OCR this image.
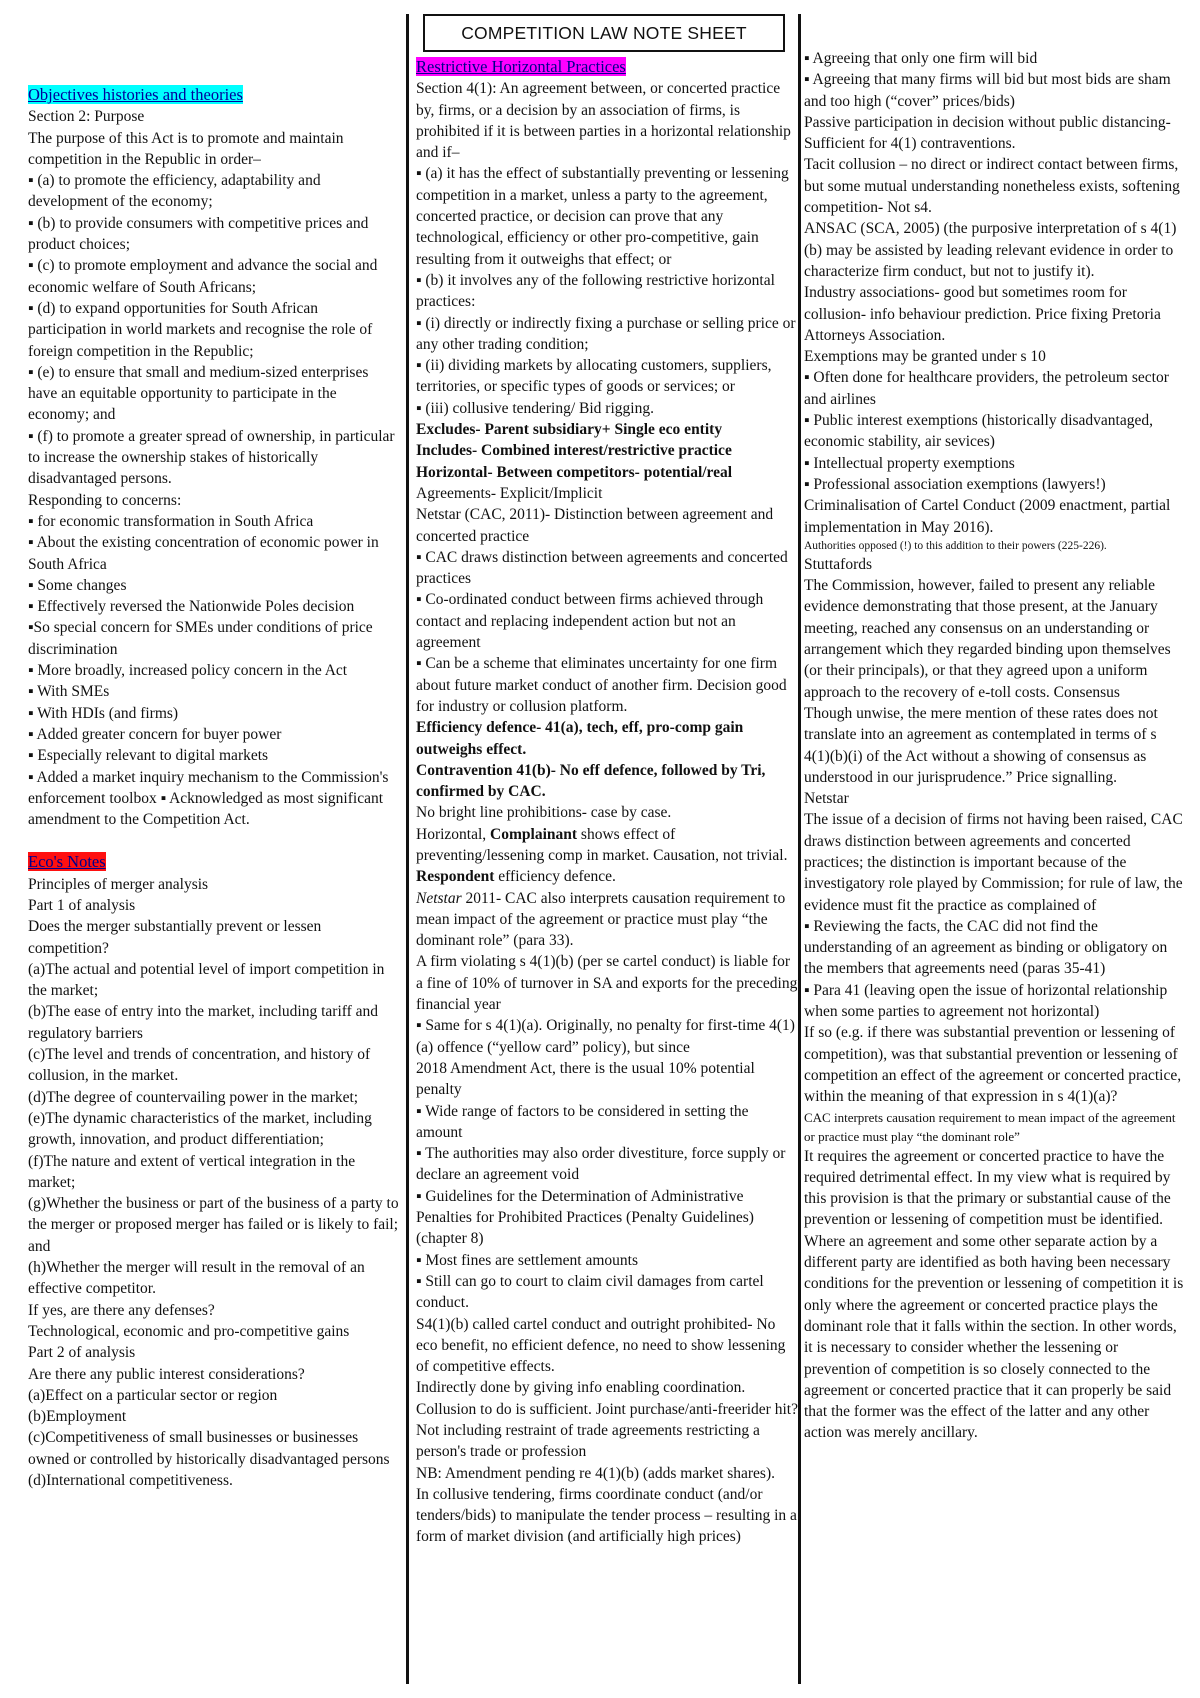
COMPETITION LAW NOTE SHEET

Objectives histories and theories

Section 2: Purpose

The purpose of this Act is to promote and maintain competition in the Republic in order–

▪ (a) to promote the efficiency, adaptability and development of the economy;

▪ (b) to provide consumers with competitive prices and product choices;

▪ (c) to promote employment and advance the social and economic welfare of South Africans;

▪ (d) to expand opportunities for South African participation in world markets and recognise the role of foreign competition in the Republic;

▪ (e) to ensure that small and medium-sized enterprises have an equitable opportunity to participate in the economy; and

▪ (f) to promote a greater spread of ownership, in particular to increase the ownership stakes of historically disadvantaged persons.

Responding to concerns:

▪ for economic transformation in South Africa

▪ About the existing concentration of economic power in South Africa

▪ Some changes

▪ Effectively reversed the Nationwide Poles decision

▪So special concern for SMEs under conditions of price discrimination

▪ More broadly, increased policy concern in the Act

▪ With SMEs

▪ With HDIs (and firms)

▪ Added greater concern for buyer power

▪ Especially relevant to digital markets

▪ Added a market inquiry mechanism to the Commission's enforcement toolbox ▪ Acknowledged as most significant amendment to the Competition Act.

Eco's Notes

Principles of merger analysis

Part 1 of analysis

Does the merger substantially prevent or lessen competition?

(a)The actual and potential level of import competition in the market;

(b)The ease of entry into the market, including tariff and regulatory barriers

(c)The level and trends of concentration, and history of collusion, in the market.

(d)The degree of countervailing power in the market;

(e)The dynamic characteristics of the market, including growth, innovation, and product differentiation;

(f)The nature and extent of vertical integration in the market;

(g)Whether the business or part of the business of a party to the merger or proposed merger has failed or is likely to fail; and

(h)Whether the merger will result in the removal of an effective competitor.

If yes, are there any defenses?

Technological, economic and pro-competitive gains

Part 2 of analysis

Are there any public interest considerations?

(a)Effect on a particular sector or region

(b)Employment

(c)Competitiveness of small businesses or businesses owned or controlled by historically disadvantaged persons

(d)International competitiveness.

Restrictive Horizontal Practices

Section 4(1): An agreement between, or concerted practice by, firms, or a decision by an association of firms, is prohibited if it is between parties in a horizontal relationship and if–

▪ (a) it has the effect of substantially preventing or lessening competition in a market, unless a party to the agreement, concerted practice, or decision can prove that any technological, efficiency or other pro-competitive, gain resulting from it outweighs that effect; or

▪ (b) it involves any of the following restrictive horizontal practices:

▪ (i) directly or indirectly fixing a purchase or selling price or any other trading condition;

▪ (ii) dividing markets by allocating customers, suppliers, territories, or specific types of goods or services; or

▪ (iii) collusive tendering/ Bid rigging.

Excludes- Parent subsidiary+ Single eco entity

Includes- Combined interest/restrictive practice

Horizontal- Between competitors- potential/real

Agreements- Explicit/Implicit

Netstar (CAC, 2011)- Distinction between agreement and concerted practice

▪ CAC draws distinction between agreements and concerted practices

▪ Co-ordinated conduct between firms achieved through contact and replacing independent action but not an agreement

▪ Can be a scheme that eliminates uncertainty for one firm about future market conduct of another firm. Decision good for industry or collusion platform.

Efficiency defence- 41(a), tech, eff, pro-comp gain outweighs effect.

Contravention 41(b)- No eff defence, followed by Tri, confirmed by CAC.

No bright line prohibitions- case by case.

Horizontal, Complainant shows effect of preventing/lessening comp in market. Causation, not trivial. Respondent efficiency defence.

Netstar 2011- CAC also interprets causation requirement to mean impact of the agreement or practice must play “the dominant role” (para 33).

A firm violating s 4(1)(b) (per se cartel conduct) is liable for a fine of 10% of turnover in SA and exports for the preceding financial year

▪ Same for s 4(1)(a). Originally, no penalty for first-time 4(1)(a) offence (“yellow card” policy), but since

2018 Amendment Act, there is the usual 10% potential penalty

▪ Wide range of factors to be considered in setting the amount

▪ The authorities may also order divestiture, force supply or declare an agreement void

▪ Guidelines for the Determination of Administrative Penalties for Prohibited Practices (Penalty Guidelines) (chapter 8)

▪ Most fines are settlement amounts

▪ Still can go to court to claim civil damages from cartel conduct.

S4(1)(b) called cartel conduct and outright prohibited- No eco benefit, no efficient defence, no need to show lessening of competitive effects.

Indirectly done by giving info enabling coordination. Collusion to do is sufficient. Joint purchase/anti-freerider hit?

Not including restraint of trade agreements restricting a person's trade or profession

NB: Amendment pending re 4(1)(b) (adds market shares).

In collusive tendering, firms coordinate conduct (and/or tenders/bids) to manipulate the tender process – resulting in a form of market division (and artificially high prices)

▪ Agreeing that only one firm will bid

▪ Agreeing that many firms will bid but most bids are sham and too high (“cover” prices/bids)

Passive participation in decision without public distancing- Sufficient for 4(1) contraventions.

Tacit collusion – no direct or indirect contact between firms, but some mutual understanding nonetheless exists, softening competition- Not s4.

ANSAC (SCA, 2005) (the purposive interpretation of s 4(1)(b) may be assisted by leading relevant evidence in order to characterize firm conduct, but not to justify it).

Industry associations- good but sometimes room for collusion- info behaviour prediction. Price fixing Pretoria Attorneys Association.

Exemptions may be granted under s 10

▪ Often done for healthcare providers, the petroleum sector and airlines

▪ Public interest exemptions (historically disadvantaged, economic stability, air sevices)

▪ Intellectual property exemptions

▪ Professional association exemptions (lawyers!)

Criminalisation of Cartel Conduct (2009 enactment, partial implementation in May 2016).

Authorities opposed (!) to this addition to their powers (225-226).

Stuttafords

The Commission, however, failed to present any reliable evidence demonstrating that those present, at the January meeting, reached any consensus on an understanding or arrangement which they regarded binding upon themselves (or their principals), or that they agreed upon a uniform approach to the recovery of e-toll costs. Consensus

Though unwise, the mere mention of these rates does not translate into an agreement as contemplated in terms of s 4(1)(b)(i) of the Act without a showing of consensus as understood in our jurisprudence.” Price signalling.

Netstar

The issue of a decision of firms not having been raised, CAC draws distinction between agreements and concerted practices; the distinction is important because of the investigatory role played by Commission; for rule of law, the evidence must fit the practice as complained of

▪ Reviewing the facts, the CAC did not find the understanding of an agreement as binding or obligatory on the members that agreements need (paras 35-41)

▪ Para 41 (leaving open the issue of horizontal relationship when some parties to agreement not horizontal)

If so (e.g. if there was substantial prevention or lessening of competition), was that substantial prevention or lessening of competition an effect of the agreement or concerted practice, within the meaning of that expression in s 4(1)(a)?

CAC interprets causation requirement to mean impact of the agreement or practice must play “the dominant role”

It requires the agreement or concerted practice to have the required detrimental effect. In my view what is required by this provision is that the primary or substantial cause of the prevention or lessening of competition must be identified. Where an agreement and some other separate action by a different party are identified as both having been necessary conditions for the prevention or lessening of competition it is only where the agreement or concerted practice plays the dominant role that it falls within the section. In other words, it is necessary to consider whether the lessening or prevention of competition is so closely connected to the agreement or concerted practice that it can properly be said that the former was the effect of the latter and any other action was merely ancillary.
